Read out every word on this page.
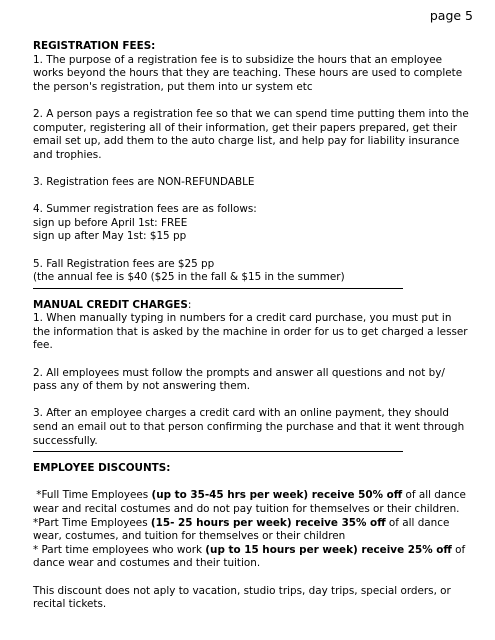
page 5
REGISTRATION FEES:

1. The purpose of a registration fee is to subsidize the hours that an employee works beyond the hours that they are teaching. These hours are used to complete the person's registration, put them into ur system etc

2. A person pays a registration fee so that we can spend time putting them into the computer, registering all of their information, get their papers prepared, get their email set up, add them to the auto charge list, and help pay for liability insurance and trophies.

3. Registration fees are NON-REFUNDABLE

4. Summer registration fees are as follows:

sign up before April 1st: FREE

sign up after May 1st: $15 pp

5. Fall Registration fees are $25 pp

(the annual fee is $40 ($25 in the fall & $15 in the summer)

MANUAL CREDIT CHARGES:

1. When manually typing in numbers for a credit card purchase, you must put in the information that is asked by the machine in order for us to get charged a lesser fee.

2. All employees must follow the prompts and answer all questions and not by/ pass any of them by not answering them.

3. After an employee charges a credit card with an online payment, they should send an email out to that person confirming the purchase and that it went through successfully.

EMPLOYEE DISCOUNTS:

*Full Time Employees (up to 35-45 hrs per week) receive 50% off of all dance wear and recital costumes and do not pay tuition for themselves or their children.

*Part Time Employees (15- 25 hours per week) receive 35% off of all dance wear, costumes, and tuition for themselves or their children

* Part time employees who work (up to 15 hours per week) receive 25% off of dance wear and costumes and their tuition.

This discount does not aply to vacation, studio trips, day trips, special orders, or recital tickets.
